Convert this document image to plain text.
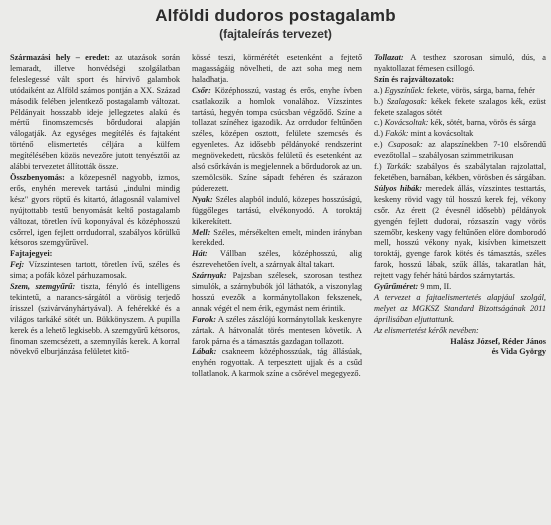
Alföldi dudoros postagalamb
(fajtaleírás tervezet)

Származási hely – eredet: az utazások során lemaradt, illetve honvédségi szolgálatban feleslegessé vált sport és hírvivő galambok utódaiként az Alföld számos pontján a XX. Század második felében jelentkező postagalamb változat. Példányait hosszabb ideje jellegzetes alakú és mértű finomszemcsés bőrdudorai alapján válogatják. Az egységes megítélés és fajtaként történő elismertetés céljára a külfem megítélésében közös nevezőre jutott tenyésztői az alábbi tervezetet állították össze.

Összbenyomás: a közepesnél nagyobb, izmos, erős, enyhén merevek tartású „indulni mindig kész" gyors röptű és kitartó, átlagosnál valamivel nyújtottabb testű benyomását keltő postagalamb változat, töretlen ívű koponyával és középhosszú csőrrel, igen fejlett orrdudorral, szabályos kőrülkű kétsoros szemgyűrűvel.

Fajtajegyei:

Fej: Vízszintesen tartott, töretlen ívű, széles és sima; a pofák közel párhuzamosak.

Szem, szemgyűrű: tiszta, fényló és intelligens tekintetű, a narancs-sárgától a vörösig terjedő írisszel (szivárványhártyával). A fehérekké és a világos tarkáké sötét un. Bükkönyszem. A pupilla kerek és a lehető legkisebb. A szemgyűrű kétsoros, finoman szemcsézett, a szemnyílás kerek. A korral növekvő elburjánzása felületet kitő-

kössé teszi, körmérétét esetenként a fejtető magasságáig növelheti, de azt soha meg nem haladhatja.

Csőr: Középhosszú, vastag és erős, enyhe ívben csatlakozik a homlok vonalához. Vízszintes tartású, hegyén tompa csúcsban végződő. Színe a tollazat színéhez igazodik. Az orrdudor feltűnően széles, középen osztott, felülete szemcsés és egyenletes. Az idősebb példányoké rendszerint megnövekedett, rücskös felületű és esetenként az alsó csőrkáván is megjelennek a bőrdudorok az un. szemölcsök. Színe sápadt fehéren és szárazon púderezett.

Nyak: Széles alapból induló, közepes hosszúságú, függőleges tartású, elvékonyodó. A toroktáj kikerekített.

Mell: Széles, mérsékelten emelt, minden irányban kerekded.

Hát: Vállban széles, középhosszú, alig észrevehetően ívelt, a szárnyak által takart.

Szárnyak: Pajzsban szélesek, szorosan testhez simulók, a szárnybubók jól láthatók, a viszonylag hosszú evezők a kormánytollakon fekszenek, annak végét el nem érik, egymást nem érintik.

Farok: A széles zászlójú kormánytollak keskenyre zártak. A hátvonalát törés mentesen követik. A farok párna és a támasztás gazdagan tollazott.

Lábak: csakneem középhosszúak, tág állásúak, enyhén rogyottak. A terpesztett ujjak és a csűd tollatlanok. A karmok színe a csőrével megegyező.

Tollazat: A testhez szorosan simuló, dús, a nyaktollazat fémesen csillogó.

Szín és rajzváltozatok:

a.) Egyszínűek: fekete, vörös, sárga, barna, fehér

b.) Szalagosak: kékek fekete szalagos kék, ezüst fekete szalagos sötét

c.) Kovácsoltak: kék, sötét, barna, vörös és sárga

d.) Fakók: mint a kovácsoltak

e.) Csaposak: az alapszínekben 7-10 elsőrendű evezőtollal – szabályosan szimmetrikusan

f.) Tarkák: szabályos és szabálytalan rajzolattal, feketében, barnában, kékben, vörösben és sárgában.

Súlyos hibák: meredek állás, vízszintes testtartás, keskeny rövid vagy túl hosszú kerek fej, vékony csőr. Az érett (2 évesnél idősebb) példányok gyengén fejlett dudorai, rózsaszín vagy vörös szemőbr, keskeny vagy feltűnően elöre domborodó mell, hosszú vékony nyak, kisívben kimetszett toroktáj, gyenge farok kötés és támasztás, széles farok, hosszú lábak, szűk állás, takaratlan hát, rejtett vagy fehér hátú bárdos szárnytartás.

Gyűrűméret: 9 mm, II.

A tervezet a fajtaelismertetés alapjául szolgál, melyet az MGKSZ Standard Bizottságának 2011 áprilisában eljuttattunk.

Az elismertetést kérők nevében:

Halász József, Réder János

és Vida György
